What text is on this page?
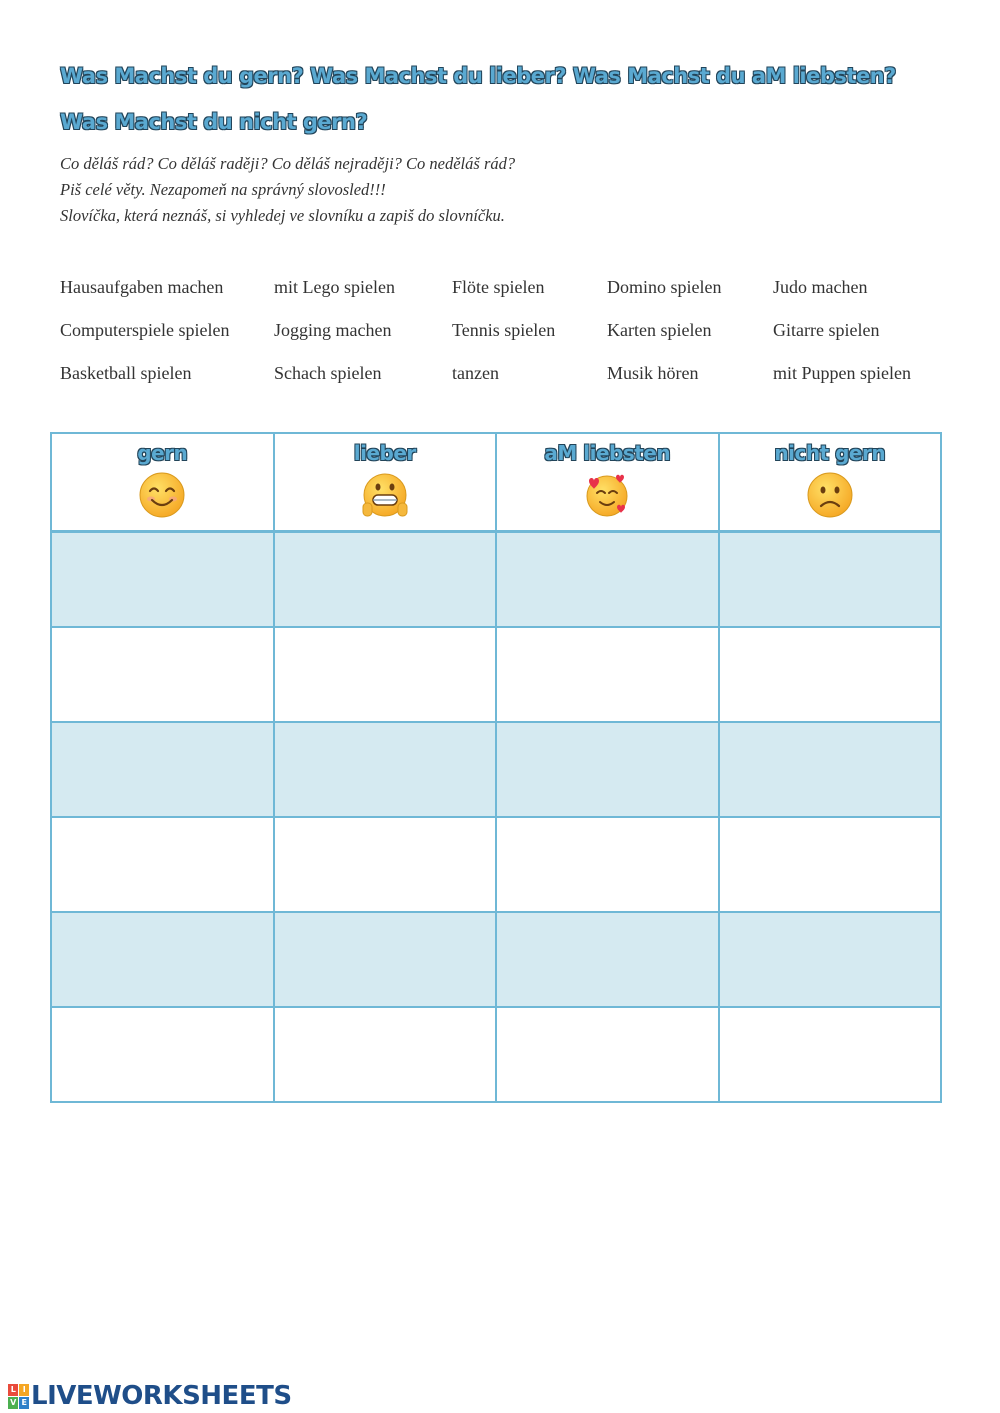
Was Machst du gern? Was Machst du lieber? Was Machst du aM liebsten?
Was Machst du nicht gern?
Co děláš rád? Co děláš raději? Co děláš nejraději? Co neděláš rád?
Piš celé věty. Nezapomeň na správný slovosled!!!
Slovíčka, která neznáš, si vyhledej ve slovníku a zapiš do slovníčku.
Hausaufgaben machen	mit Lego spielen	Flöte spielen	Domino spielen	Judo machen
Computerspiele spielen	Jogging machen	Tennis spielen	Karten spielen	Gitarre spielen
Basketball spielen	Schach spielen	tanzen	Musik hören	mit Puppen spielen
gern	lieber	aM liebsten	nicht gern

L I
V E LIVEWORKSHEETS
